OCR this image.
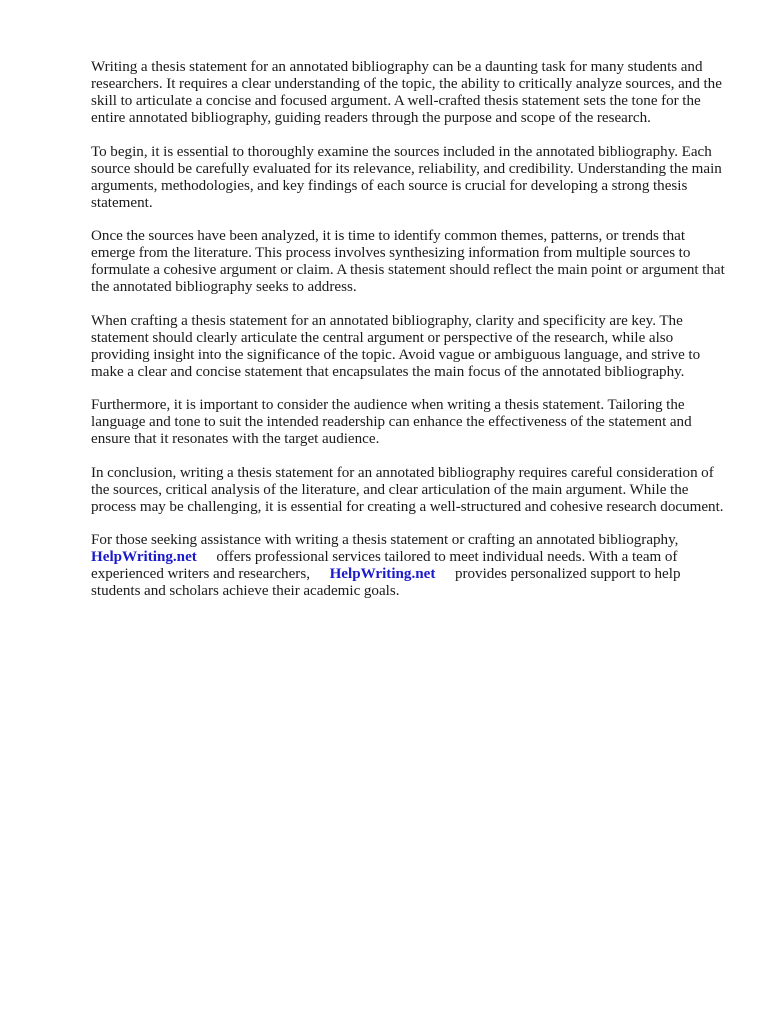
Writing a thesis statement for an annotated bibliography can be a daunting task for many students and researchers. It requires a clear understanding of the topic, the ability to critically analyze sources, and the skill to articulate a concise and focused argument. A well-crafted thesis statement sets the tone for the entire annotated bibliography, guiding readers through the purpose and scope of the research.

To begin, it is essential to thoroughly examine the sources included in the annotated bibliography. Each source should be carefully evaluated for its relevance, reliability, and credibility. Understanding the main arguments, methodologies, and key findings of each source is crucial for developing a strong thesis statement.

Once the sources have been analyzed, it is time to identify common themes, patterns, or trends that emerge from the literature. This process involves synthesizing information from multiple sources to formulate a cohesive argument or claim. A thesis statement should reflect the main point or argument that the annotated bibliography seeks to address.

When crafting a thesis statement for an annotated bibliography, clarity and specificity are key. The statement should clearly articulate the central argument or perspective of the research, while also providing insight into the significance of the topic. Avoid vague or ambiguous language, and strive to make a clear and concise statement that encapsulates the main focus of the annotated bibliography.

Furthermore, it is important to consider the audience when writing a thesis statement. Tailoring the language and tone to suit the intended readership can enhance the effectiveness of the statement and ensure that it resonates with the target audience.

In conclusion, writing a thesis statement for an annotated bibliography requires careful consideration of the sources, critical analysis of the literature, and clear articulation of the main argument. While the process may be challenging, it is essential for creating a well-structured and cohesive research document.

For those seeking assistance with writing a thesis statement or crafting an annotated bibliography, HelpWriting.net offers professional services tailored to meet individual needs. With a team of experienced writers and researchers, HelpWriting.net provides personalized support to help students and scholars achieve their academic goals.
